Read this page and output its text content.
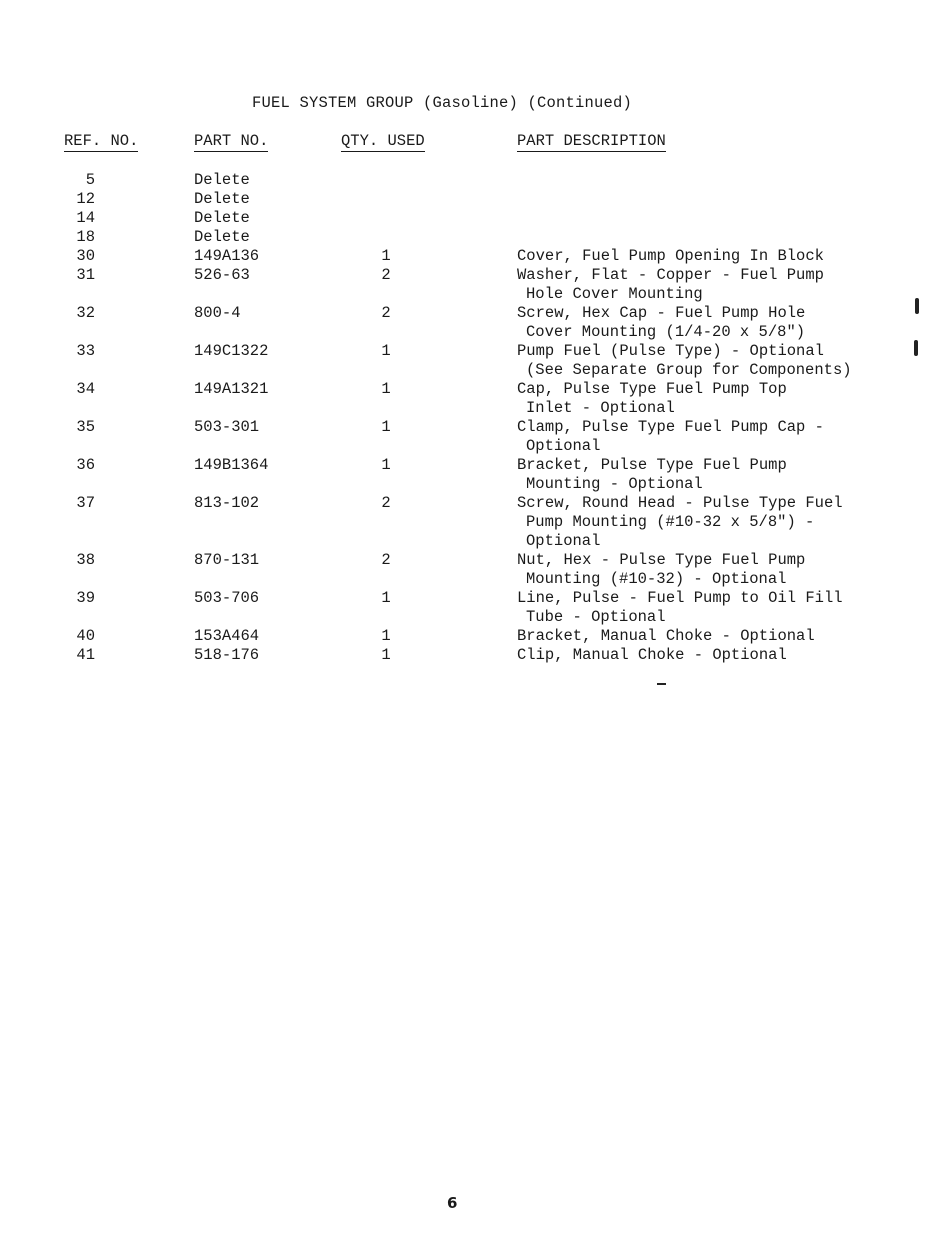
FUEL SYSTEM GROUP (Gasoline) (Continued)
REF. NO.	PART NO.	QTY. USED	PART DESCRIPTION
5	Delete
12	Delete
14	Delete
18	Delete
30	149A136	1	Cover, Fuel Pump Opening In Block
31	526-63	2	Washer, Flat - Copper - Fuel Pump
Hole Cover Mounting
32	800-4	2	Screw, Hex Cap - Fuel Pump Hole
Cover Mounting (1/4-20 x 5/8")
33	149C1322	1	Pump Fuel (Pulse Type) - Optional
(See Separate Group for Components)
34	149A1321	1	Cap, Pulse Type Fuel Pump Top
Inlet - Optional
35	503-301	1	Clamp, Pulse Type Fuel Pump Cap -
Optional
36	149B1364	1	Bracket, Pulse Type Fuel Pump
Mounting - Optional
37	813-102	2	Screw, Round Head - Pulse Type Fuel
Pump Mounting (#10-32 x 5/8") -
Optional
38	870-131	2	Nut, Hex - Pulse Type Fuel Pump
Mounting (#10-32) - Optional
39	503-706	1	Line, Pulse - Fuel Pump to Oil Fill
Tube - Optional
40	153A464	1	Bracket, Manual Choke - Optional
41	518-176	1	Clip, Manual Choke - Optional
6
